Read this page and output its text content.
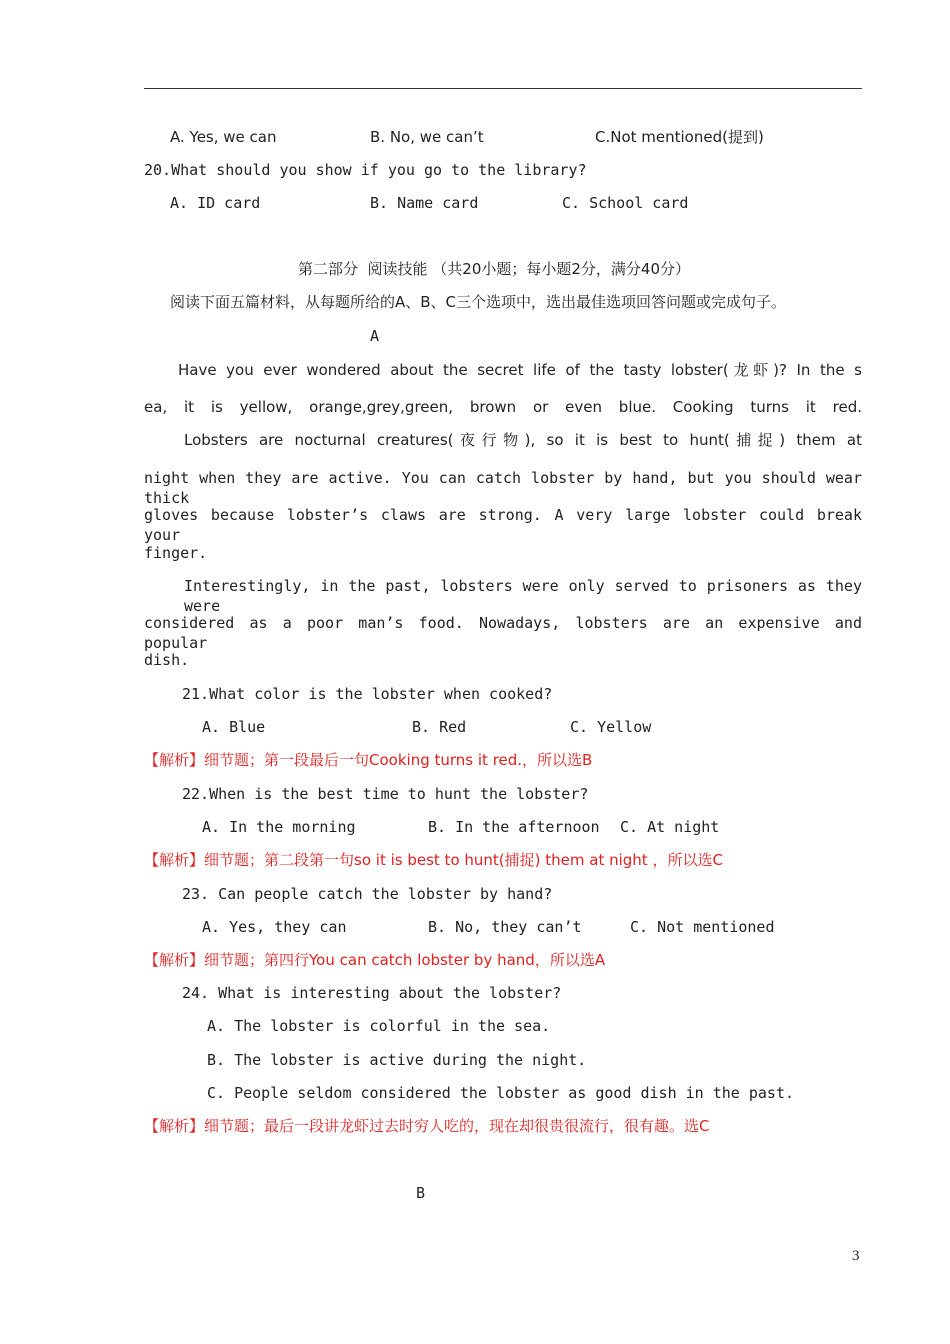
A. Yes, we can	B. No, we can’t	C.Not mentioned(提到)
20.What should you show if you go to the library?
A. ID card	B. Name card	C. School card
第二部分  阅读技能 （共20小题；每小题2分，满分40分）
阅读下面五篇材料，从每题所给的A、B、C三个选项中，选出最佳选项回答问题或完成句子。
A
Have you ever wondered about the secret life of the tasty lobster(龙虾)? In the s
ea, it is yellow, orange,grey,green, brown or even blue. Cooking turns it red.
Lobsters are nocturnal creatures(夜行物), so it is best to hunt(捕捉) them at
night when they are active. You can catch lobster by hand, but you should wear thick
gloves because lobster’s claws are strong. A very large lobster could break your
finger.
Interestingly, in the past, lobsters were only served to prisoners as they were
considered as a poor man’s food. Nowadays, lobsters are an expensive and popular
dish.
21.What color is the lobster when cooked?
A. Blue	B. Red	C. Yellow
【解析】细节题；第一段最后一句Cooking turns it red.，所以选B
22.When is the best time to hunt the lobster?
A. In the morning	B. In the afternoon C. At night
【解析】细节题；第二段第一句so it is best to hunt(捕捉) them at night ，所以选C
23. Can people catch the lobster by hand?
A. Yes, they can	B. No, they can’t	C. Not mentioned
【解析】细节题；第四行You can catch lobster by hand，所以选A
24. What is interesting about the lobster?
A. The lobster is colorful in the sea.
B. The lobster is active during the night.
C. People seldom considered the lobster as good dish in the past.
【解析】细节题；最后一段讲龙虾过去时穷人吃的，现在却很贵很流行，很有趣。选C
B
3
